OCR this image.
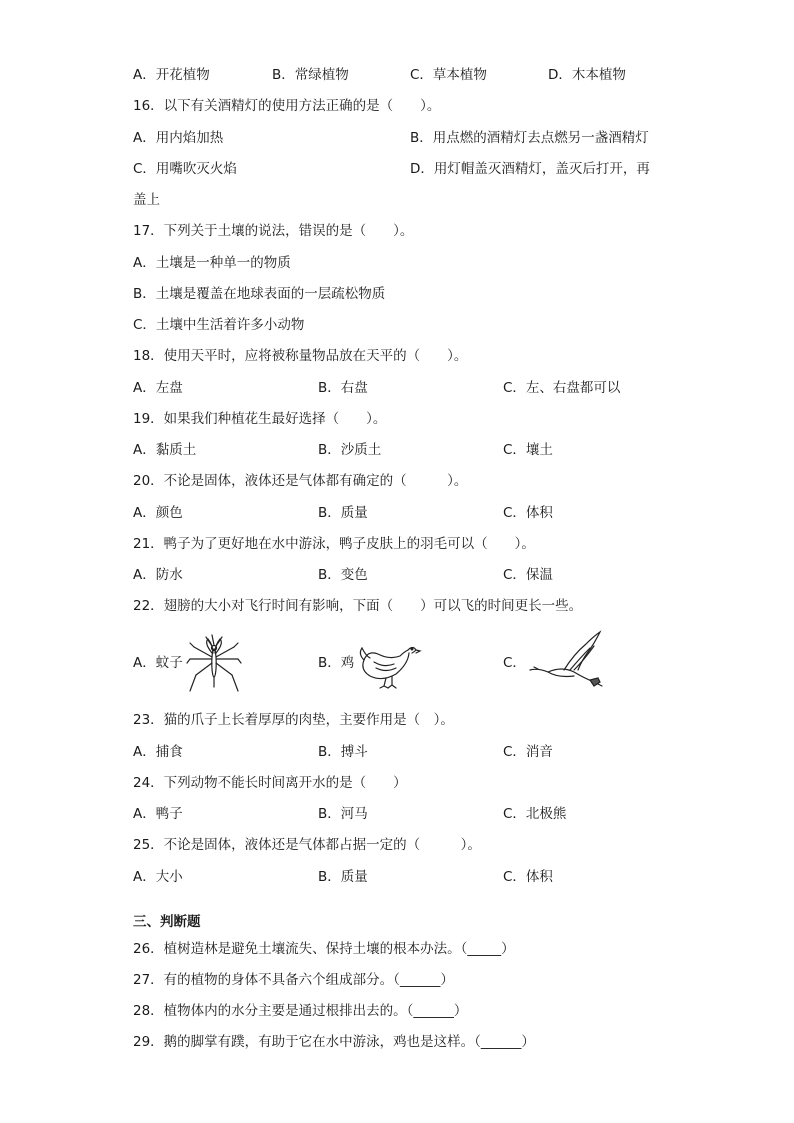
A．开花植物	B．常绿植物	C．草本植物	D．木本植物
16．以下有关酒精灯的使用方法正确的是（　　）。
A．用内焰加热	B．用点燃的酒精灯去点燃另一盏酒精灯
C．用嘴吹灭火焰	D．用灯帽盖灭酒精灯，盖灭后打开，再
盖上
17．下列关于土壤的说法，错误的是（　　）。
A．土壤是一种单一的物质
B．土壤是覆盖在地球表面的一层疏松物质
C．土壤中生活着许多小动物
18．使用天平时，应将被称量物品放在天平的（　　）。
A．左盘	B．右盘	C．左、右盘都可以
19．如果我们种植花生最好选择（　　）。
A．黏质土	B．沙质土	C．壤土
20．不论是固体，液体还是气体都有确定的（　　　）。
A．颜色	B．质量	C．体积
21．鸭子为了更好地在水中游泳，鸭子皮肤上的羽毛可以（　　）。
A．防水	B．变色	C．保温
22．翅膀的大小对飞行时间有影响，下面（　　）可以飞的时间更长一些。
A．蚊子	B．鸡	C．
23．猫的爪子上长着厚厚的肉垫，主要作用是（　）。
A．捕食	B．搏斗	C．消音
24．下列动物不能长时间离开水的是（　　）
A．鸭子	B．河马	C．北极熊
25．不论是固体，液体还是气体都占据一定的（　　　）。
A．大小	B．质量	C．体积
三、判断题
26．植树造林是避免土壤流失、保持土壤的根本办法。（_____）
27．有的植物的身体不具备六个组成部分。（______）
28．植物体内的水分主要是通过根排出去的。（______）
29．鹅的脚掌有蹼，有助于它在水中游泳，鸡也是这样。（______）
